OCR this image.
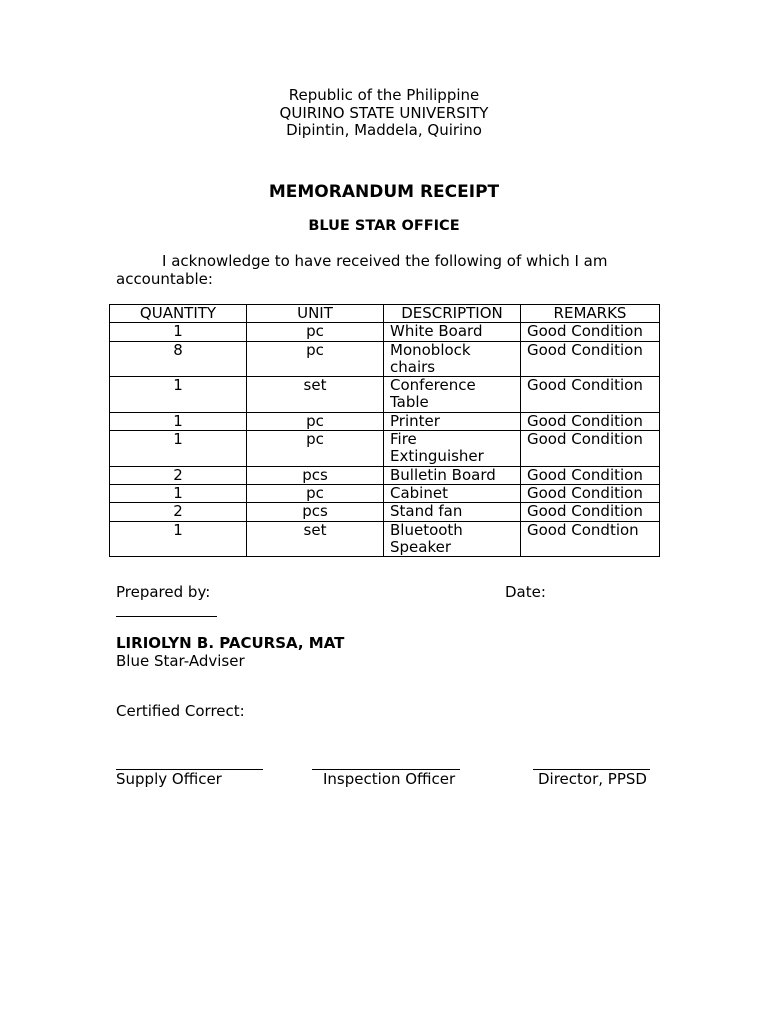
Republic of the Philippine
QUIRINO STATE UNIVERSITY
Dipintin, Maddela, Quirino
MEMORANDUM RECEIPT
BLUE STAR OFFICE
I acknowledge to have received the following of which I am
accountable:
QUANTITY	UNIT	DESCRIPTION	REMARKS
1	pc	White Board	Good Condition
8	pc	Monoblock chairs	Good Condition
1	set	Conference Table	Good Condition
1	pc	Printer	Good Condition
1	pc	Fire Extinguisher	Good Condition
2	pcs	Bulletin Board	Good Condition
1	pc	Cabinet	Good Condition
2	pcs	Stand fan	Good Condition
1	set	Bluetooth Speaker	Good Condtion
Prepared by:	Date:
LIRIOLYN B. PACURSA, MAT
Blue Star-Adviser
Certified Correct:
Supply Officer	Inspection Officer	Director, PPSD
